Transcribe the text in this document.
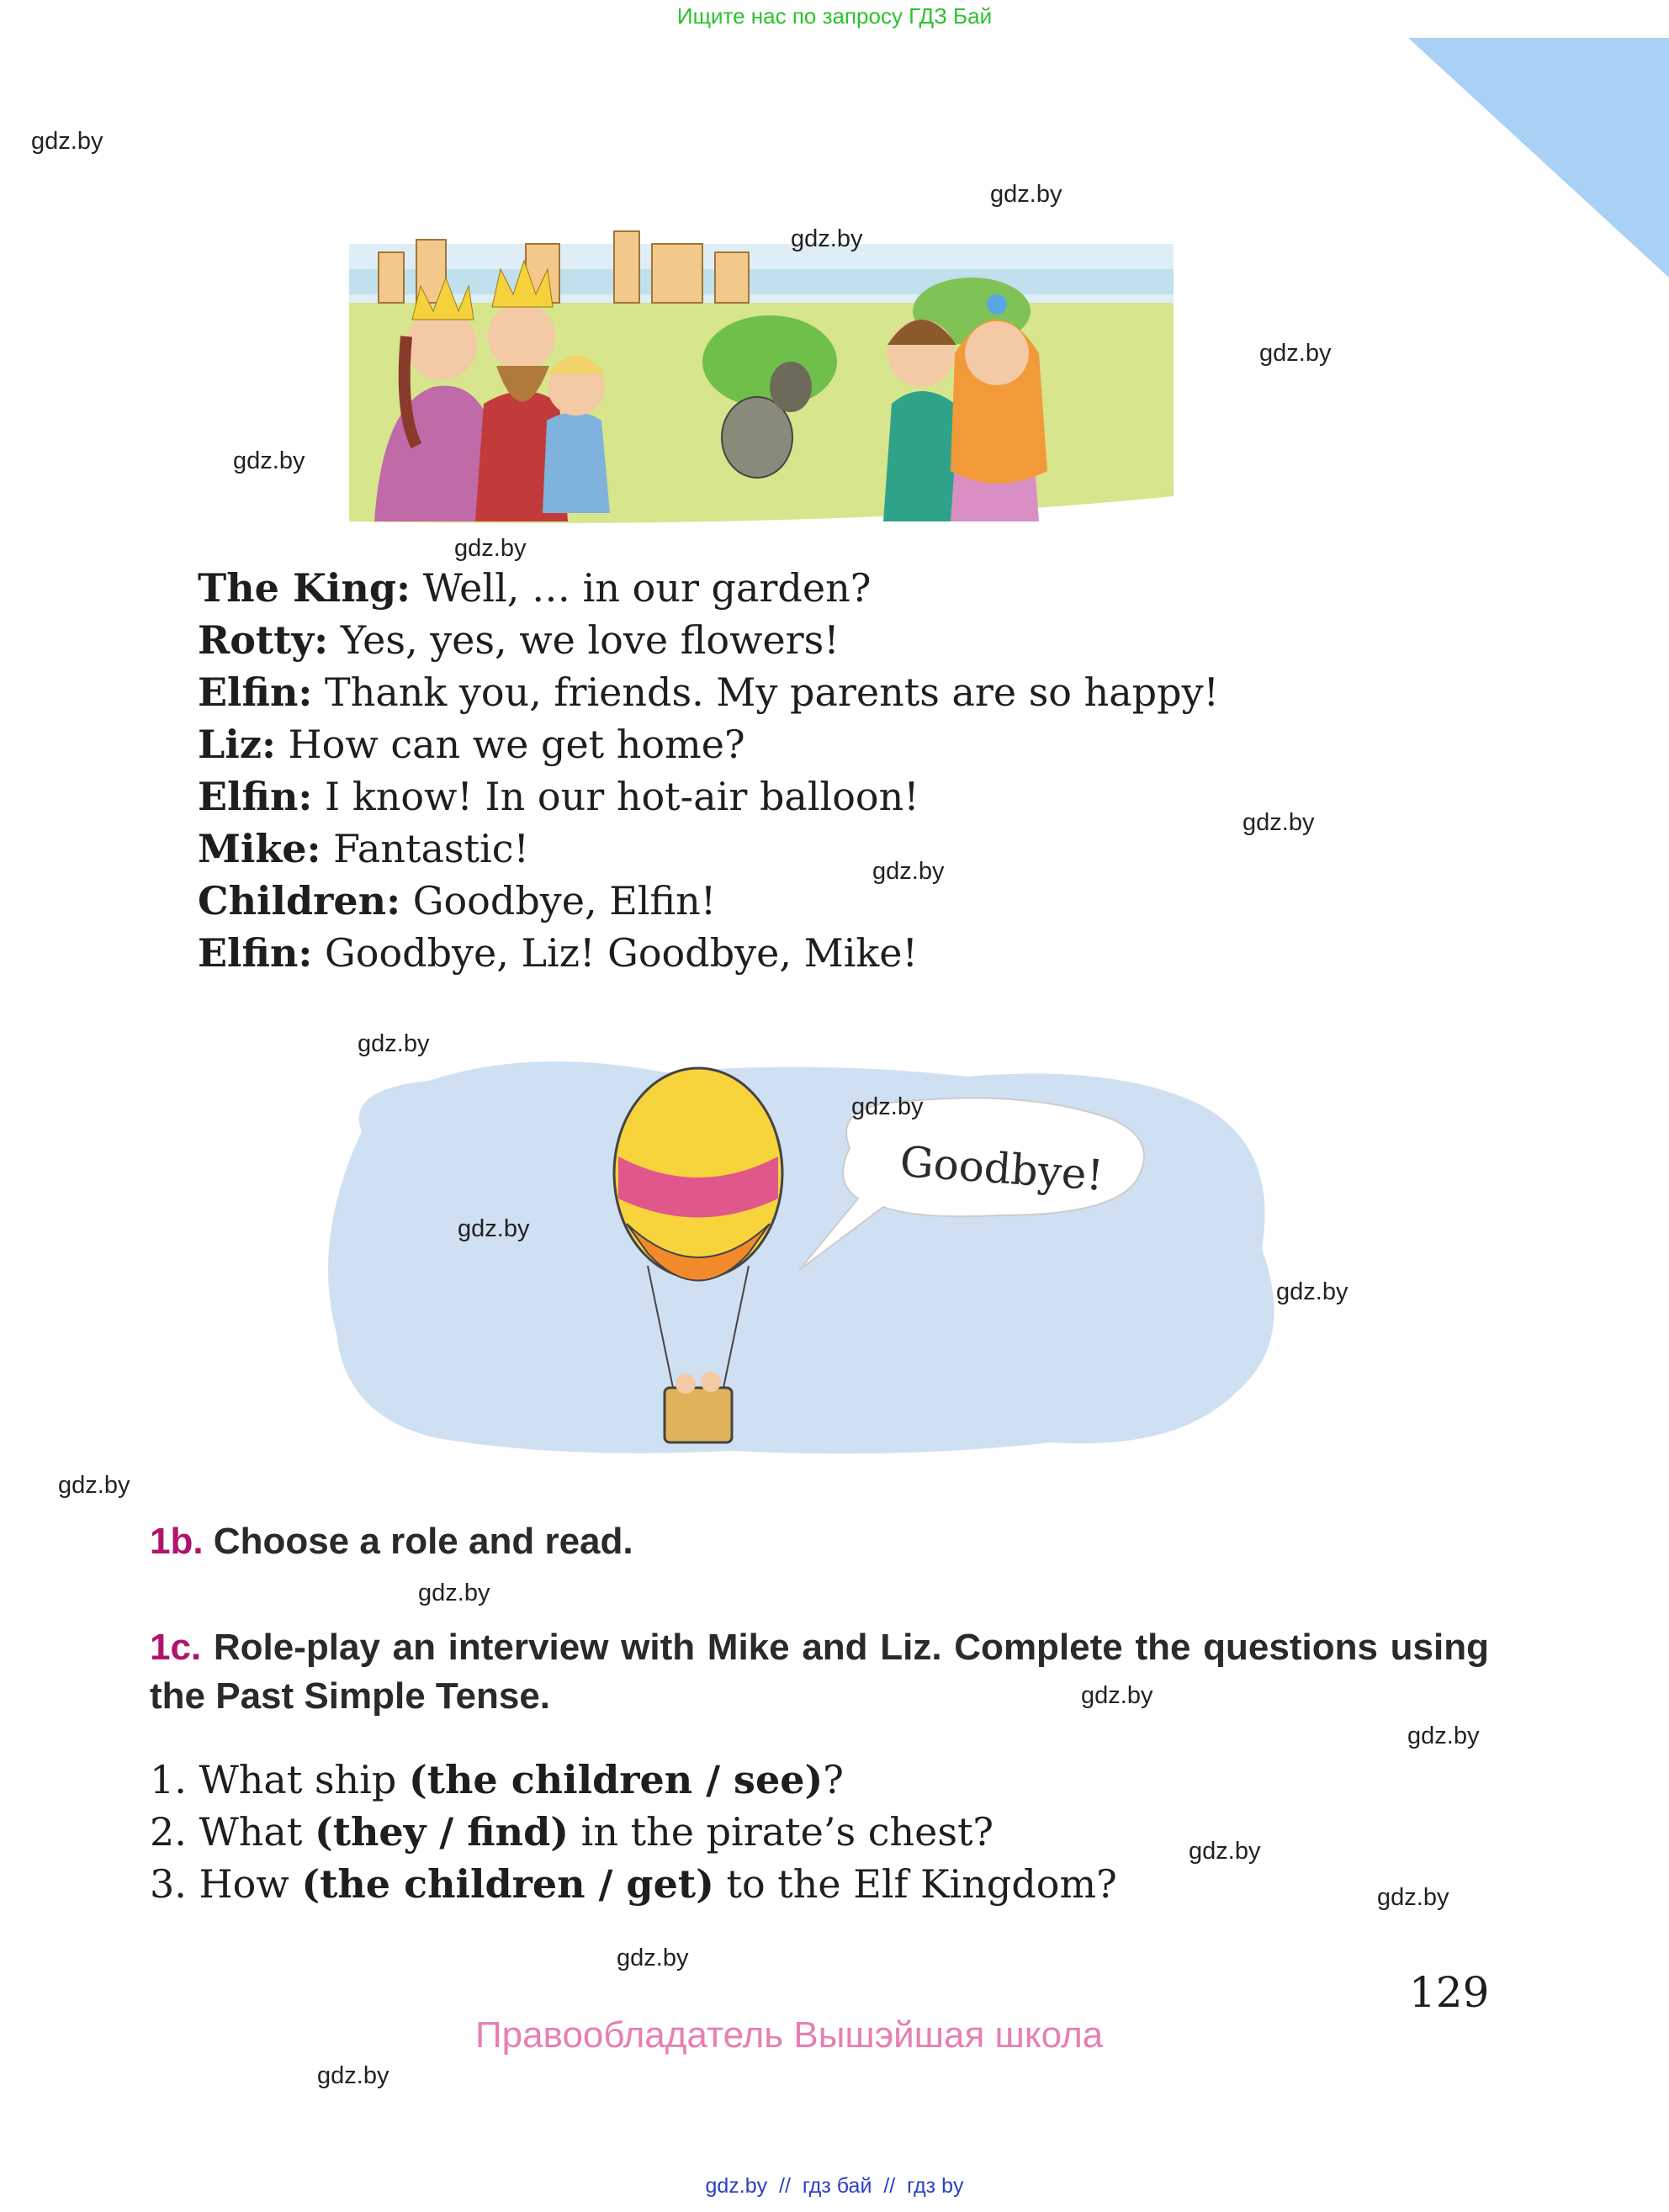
Ищите нас по запросу ГДЗ Бай
The King: Well, … in our garden?
Rotty: Yes, yes, we love flowers!
Elfin: Thank you, friends. My parents are so happy!
Liz: How can we get home?
Elfin: I know! In our hot-air balloon!
Mike: Fantastic!
Children: Goodbye, Elfin!
Elfin: Goodbye, Liz! Goodbye, Mike!
Goodbye!
1b. Choose a role and read.
1c. Role-play an interview with Mike and Liz. Complete the questions using the Past Simple Tense.
1. What ship (the children / see)?
2. What (they / find) in the pirate’s chest?
3. How (the children / get) to the Elf Kingdom?
129
Правообладатель Вышэйшая школа
gdz.by  //  гдз бай  //  гдз by
gdz.by
gdz.by
gdz.by
gdz.by
gdz.by
gdz.by
gdz.by
gdz.by
gdz.by
gdz.by
gdz.by
gdz.by
gdz.by
gdz.by
gdz.by
gdz.by
gdz.by
gdz.by
gdz.by
gdz.by
